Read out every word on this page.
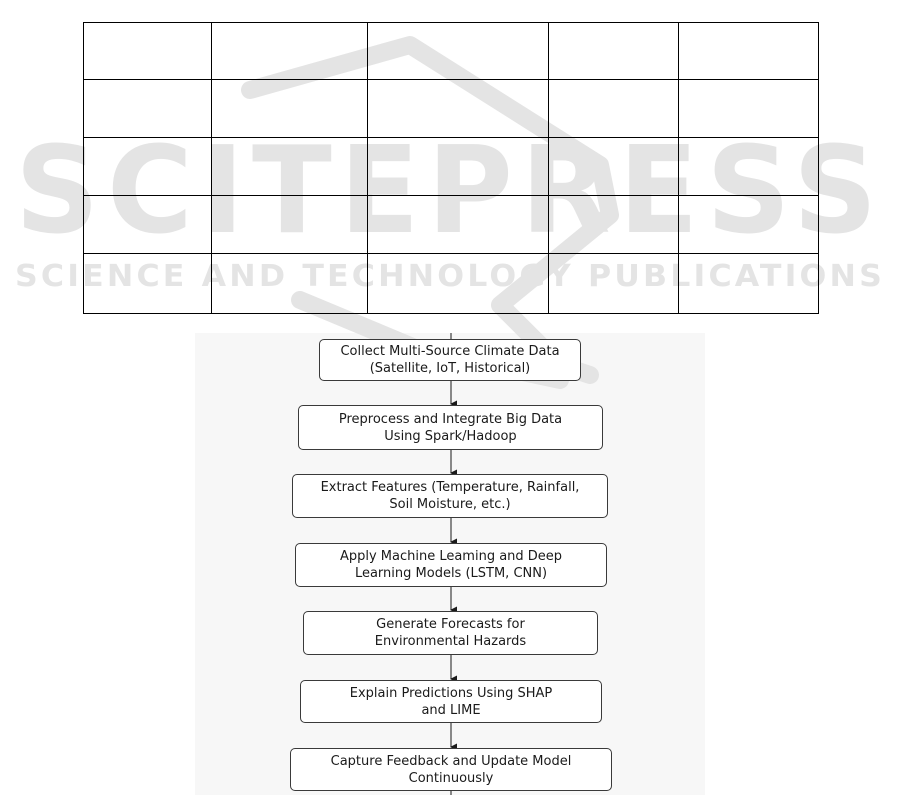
SCITEPRESS
SCIENCE AND TECHNOLOGY PUBLICATIONS

Collect Multi-Source Climate Data
(Satellite, IoT, Historical)
Preprocess and Integrate Big Data
Using Spark/Hadoop
Extract Features (Temperature, Rainfall,
Soil Moisture, etc.)
Apply Machine Leaming and Deep
Learning Models (LSTM, CNN)
Generate Forecasts for
Environmental Hazards
Explain Predictions Using SHAP
and LIME
Capture Feedback and Update Model
Continuously
